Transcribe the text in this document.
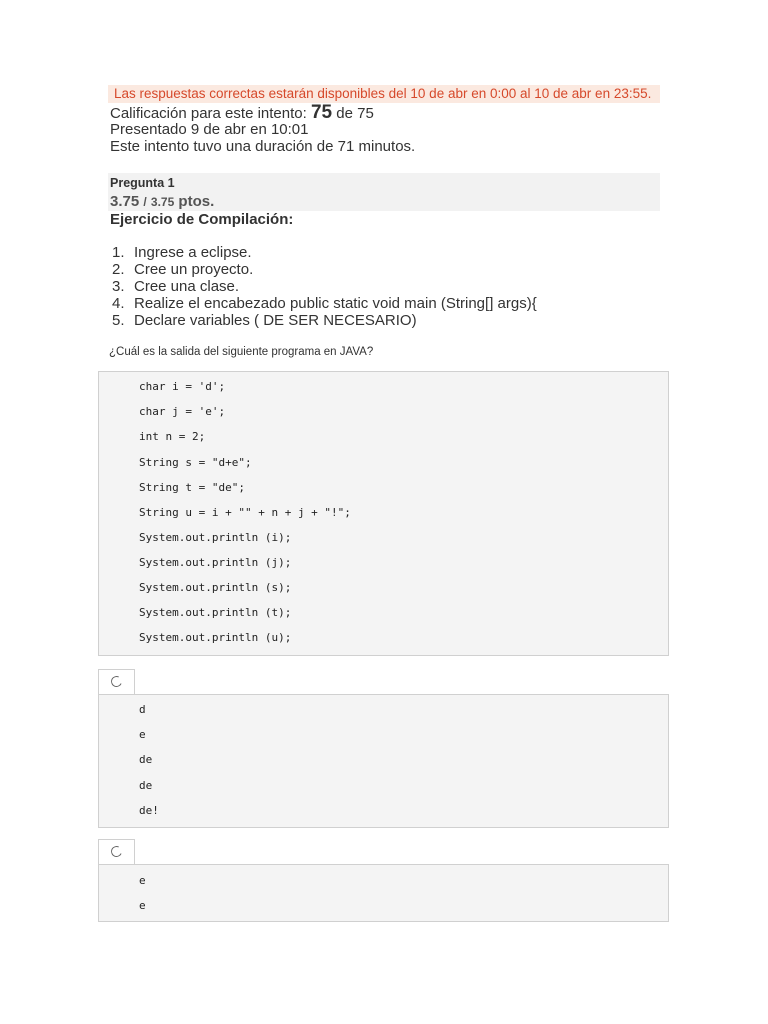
Las respuestas correctas estarán disponibles del 10 de abr en 0:00 al 10 de abr en 23:55.
Calificación para este intento: 75 de 75
Presentado 9 de abr en 10:01
Este intento tuvo una duración de 71 minutos.
Pregunta 1
3.75 / 3.75 ptos.
Ejercicio de Compilación:
1. Ingrese a eclipse.
2. Cree un proyecto.
3. Cree una clase.
4. Realize el encabezado public static void main (String[] args){
5. Declare variables ( DE SER NECESARIO)
¿Cuál es la salida del siguiente programa en JAVA?
char i = 'd';
char j = 'e';
int n = 2;
String s = "d+e";
String t = "de";
String u = i + "" + n + j + "!";
System.out.println (i);
System.out.println (j);
System.out.println (s);
System.out.println (t);
System.out.println (u);
d
e
de
de
de!
e
e
